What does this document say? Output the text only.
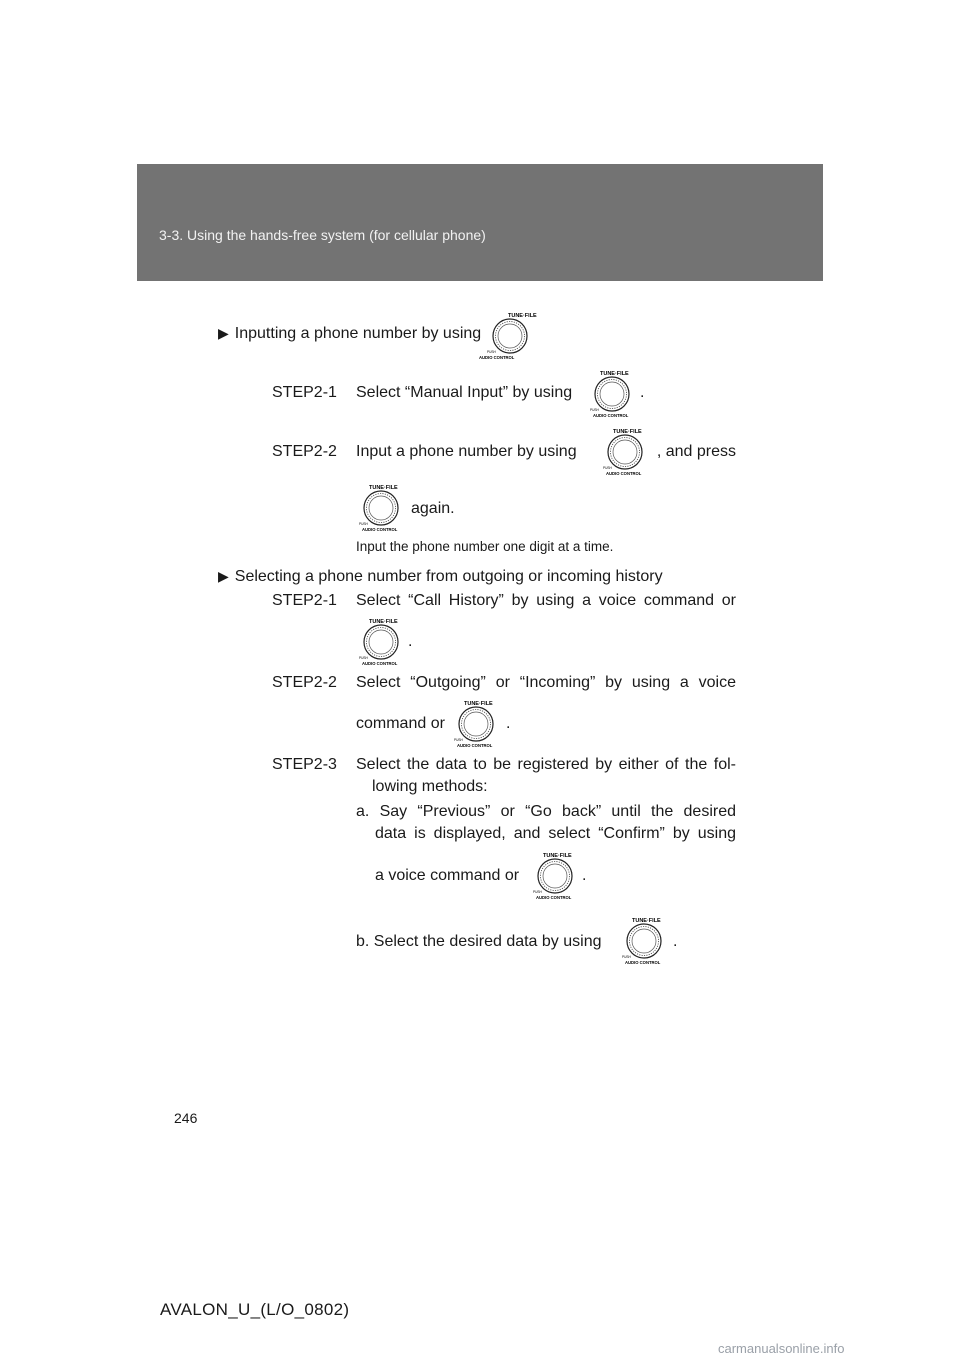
3-3. Using the hands-free system (for cellular phone)
▶ Inputting a phone number by using
TUNE·FILE
PUSH
AUDIO CONTROL
STEP2-1 Select “Manual Input” by using
TUNE·FILE
PUSH
AUDIO CONTROL
.
STEP2-2 Input a phone number by using
TUNE·FILE
PUSH
AUDIO CONTROL
, and press
TUNE·FILE
PUSH
AUDIO CONTROL
again.
Input the phone number one digit at a time.
▶ Selecting a phone number from outgoing or incoming history
STEP2-1 Select “Call History” by using a voice command or
TUNE·FILE
PUSH
AUDIO CONTROL
.
STEP2-2 Select “Outgoing” or “Incoming” by using a voice
command or
TUNE·FILE
PUSH
AUDIO CONTROL
.
STEP2-3 Select the data to be registered by either of the fol-
lowing methods:
a. Say “Previous” or “Go back” until the desired
data is displayed, and select “Confirm” by using
a voice command or
TUNE·FILE
PUSH
AUDIO CONTROL
.
b. Select the desired data by using
TUNE·FILE
PUSH
AUDIO CONTROL
.
246
AVALON_U_(L/O_0802)
carmanualsonline.info
